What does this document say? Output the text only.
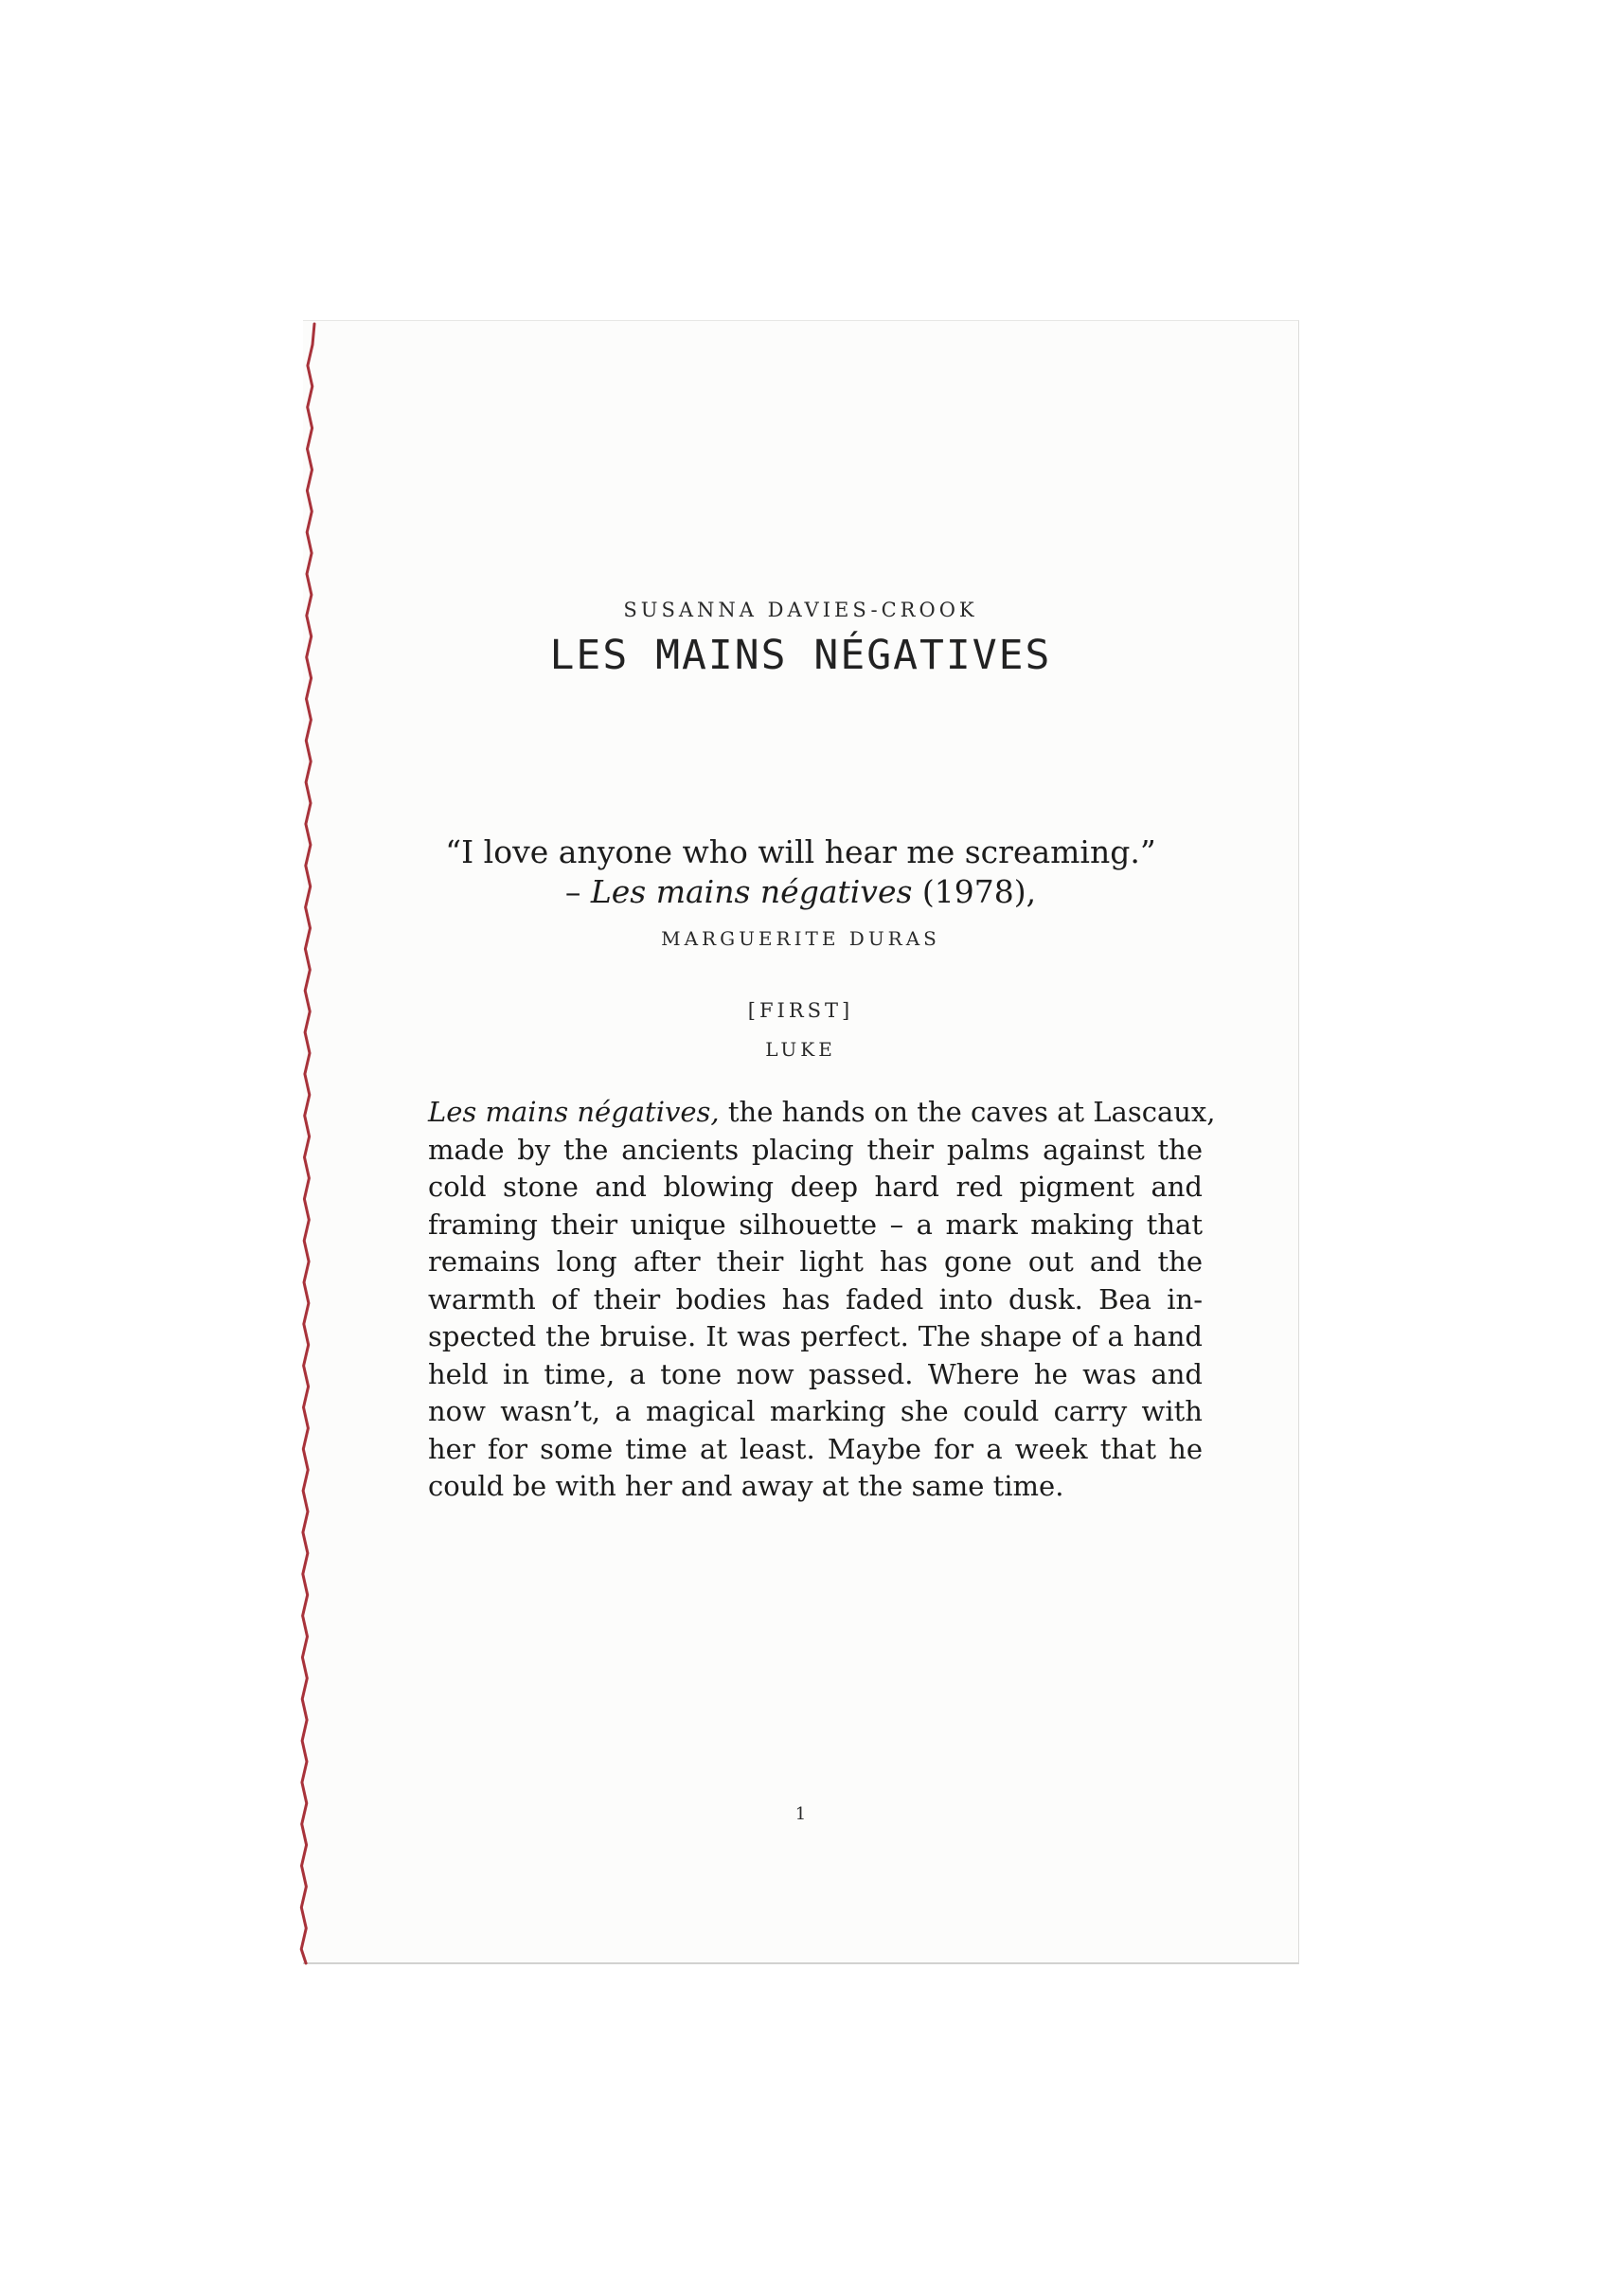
SUSANNA DAVIES-CROOK
LES MAINS NÉGATIVES
“I love anyone who will hear me screaming.”
– Les mains négatives (1978),
MARGUERITE DURAS
[FIRST]
LUKE
Les mains négatives, the hands on the caves at Lascaux,
made by the ancients placing their palms against the
cold stone and blowing deep hard red pigment and
framing their unique silhouette – a mark making that
remains long after their light has gone out and the
warmth of their bodies has faded into dusk. Bea in-
spected the bruise. It was perfect. The shape of a hand
held in time, a tone now passed. Where he was and
now wasn’t, a magical marking she could carry with
her for some time at least. Maybe for a week that he
could be with her and away at the same time.
1
